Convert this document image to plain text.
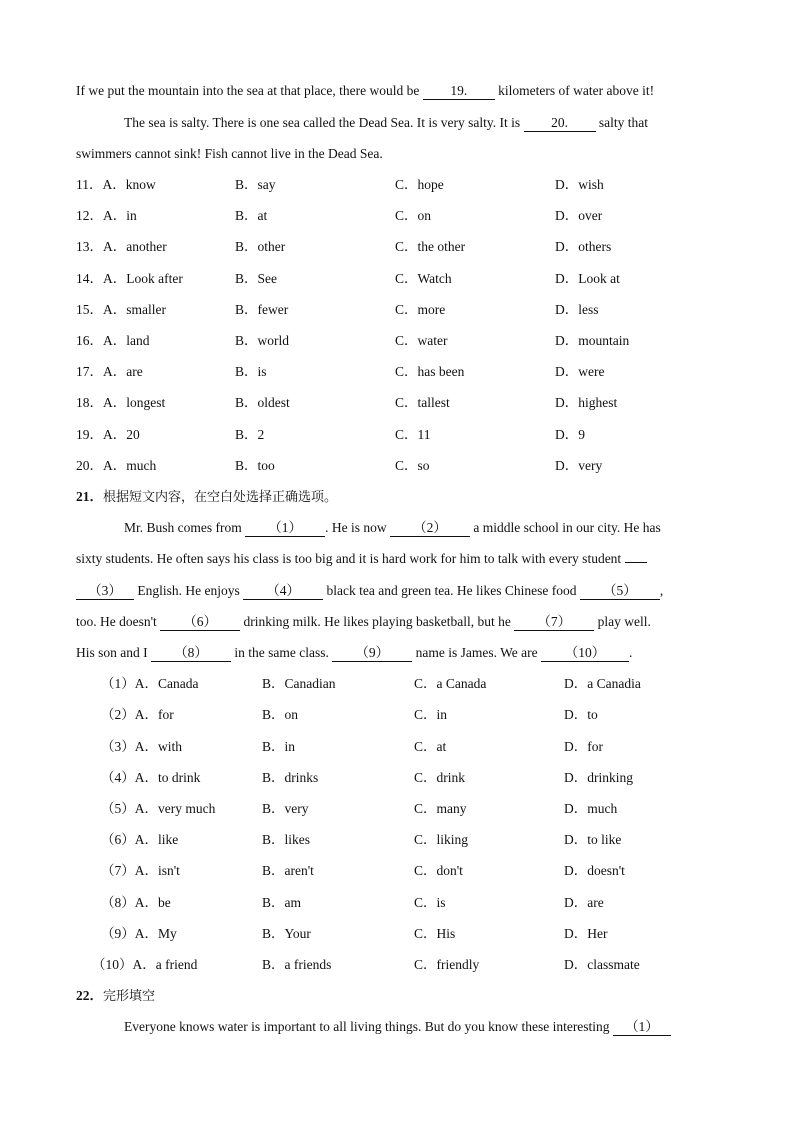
If we put the mountain into the sea at that place, there would be 19. kilometers of water above it!
The sea is salty. There is one sea called the Dead Sea. It is very salty. It is 20. salty that
swimmers cannot sink! Fish cannot live in the Dead Sea.
11．A．know	B．say	C．hope	D．wish
12．A．in	B．at	C．on	D．over
13．A．another	B．other	C．the other	D．others
14．A．Look after	B．See	C．Watch	D．Look at
15．A．smaller	B．fewer	C．more	D．less
16．A．land	B．world	C．water	D．mountain
17．A．are	B．is	C．has been	D．were
18．A．longest	B．oldest	C．tallest	D．highest
19．A．20	B．2	C．11	D．9
20．A．much	B．too	C．so	D．very
21．根据短文内容，在空白处选择正确选项。
Mr. Bush comes from （1） . He is now （2） a middle school in our city. He has
sixty students. He often says his class is too big and it is hard work for him to talk with every student
（3） English. He enjoys （4） black tea and green tea. He likes Chinese food （5） ,
too. He doesn't （6） drinking milk. He likes playing basketball, but he （7） play well.
His son and I （8） in the same class. （9） name is James. We are （10） .
（1）A．Canada	B．Canadian	C．a Canada	D．a Canadia
（2）A．for	B．on	C．in	D．to
（3）A．with	B．in	C．at	D．for
（4）A．to drink	B．drinks	C．drink	D．drinking
（5）A．very much	B．very	C．many	D．much
（6）A．like	B．likes	C．liking	D．to like
（7）A．isn't	B．aren't	C．don't	D．doesn't
（8）A．be	B．am	C．is	D．are
（9）A．My	B．Your	C．His	D．Her
（10）A．a friend	B．a friends	C．friendly	D．classmate
22．完形填空
Everyone knows water is important to all living things. But do you know these interesting （1）
